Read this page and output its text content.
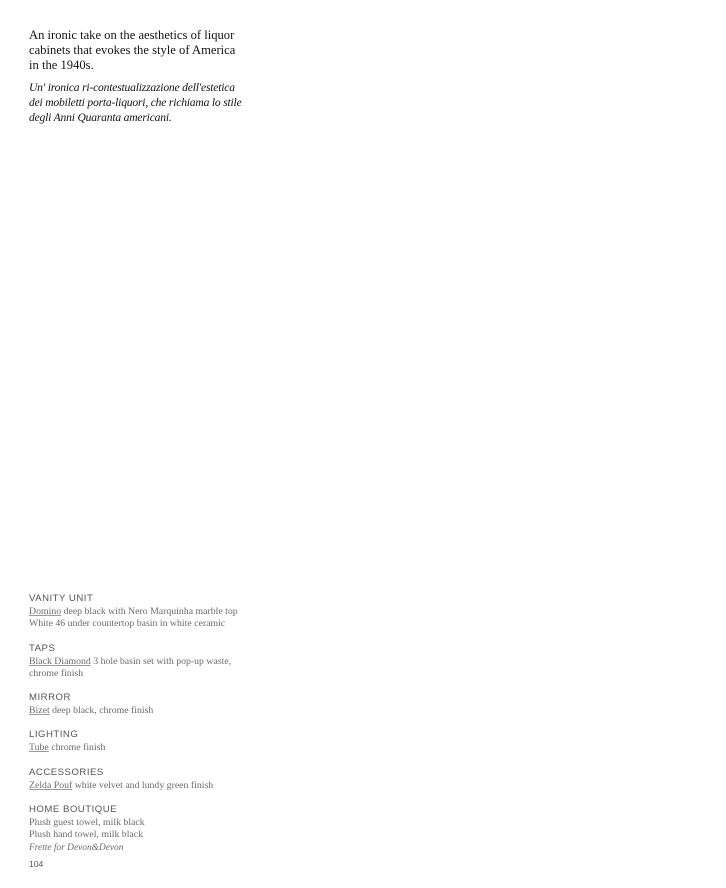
An ironic take on the aesthetics of liquor cabinets that evokes the style of America in the 1940s.

Un' ironica ri-contestualizzazione dell'estetica dei mobiletti porta-liquori, che richiama lo stile degli Anni Quaranta americani.

VANITY UNIT
Domino deep black with Nero Marquinha marble top
White 46 under countertop basin in white ceramic
TAPS
Black Diamond 3 hole basin set with pop-up waste,
chrome finish
MIRROR
Bizet deep black, chrome finish
LIGHTING
Tube chrome finish
ACCESSORIES
Zelda Pouf white velvet and lundy green finish
HOME BOUTIQUE
Plush guest towel, milk black
Plush hand towel, milk black
Frette for Devon&Devon
104
